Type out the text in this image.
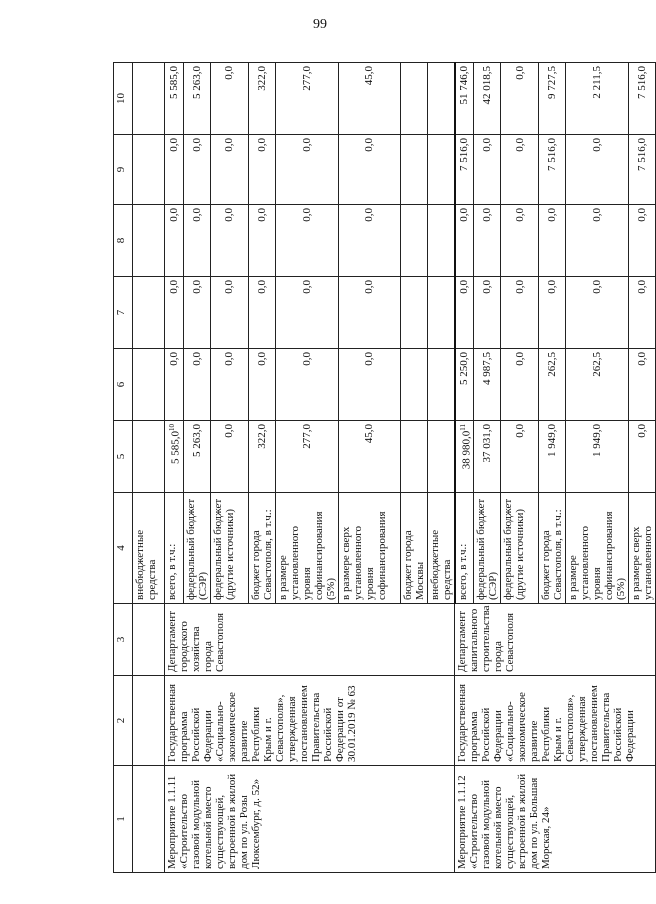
99
1	2	3	4	5	6	7	8	9	10
			внебюджетные средства						
Мероприятие 1.1.11 «Строительство газовой модульной котельной вместо существующей, встроенной в жилой дом по ул. Розы Люксембург, д. 52»	Государственная программа Российской Федерации «Социально-экономическое развитие Республики Крым и г. Севастополя», утвержденная постановлением Правительства Российской Федерации от 30.01.2019 № 63	Департамент городского хозяйства города Севастополя	всего, в т.ч.:	5 585,0$^{10}$	0,0	0,0	0,0	0,0	5 585,0
			федеральный бюджет (СЭР)	5 263,0	0,0	0,0	0,0	0,0	5 263,0
			федеральный бюджет (другие источники)	0,0	0,0	0,0	0,0	0,0	0,0
			бюджет города Севастополя, в т.ч.:	322,0	0,0	0,0	0,0	0,0	322,0
			в размере установленного уровня софинансирования (5%)	277,0	0,0	0,0	0,0	0,0	277,0
			в размере сверх установленного уровня софинансирования	45,0	0,0	0,0	0,0	0,0	45,0
			бюджет города Москвы						
			внебюджетные средства						
Мероприятие 1.1.12 «Строительство газовой модульной котельной вместо существующей, встроенной в жилой дом по ул. Большая Морская, 24»	Государственная программа Российской Федерации «Социально-экономическое развитие Республики Крым и г. Севастополя», утвержденная постановлением Правительства Российской Федерации	Департамент капитального строительства города Севастополя	всего, в т.ч.:	38 980,0$^{11}$	5 250,0	0,0	0,0	7 516,0	51 746,0
			федеральный бюджет (СЭР)	37 031,0	4 987,5	0,0	0,0	0,0	42 018,5
			федеральный бюджет (другие источники)	0,0	0,0	0,0	0,0	0,0	0,0
			бюджет города Севастополя, в т.ч.:	1 949,0	262,5	0,0	0,0	7 516,0	9 727,5
			в размере установленного уровня софинансирования (5%)	1 949,0	262,5	0,0	0,0	0,0	2 211,5
			в размере сверх установленного	0,0	0,0	0,0	0,0	7 516,0	7 516,0
